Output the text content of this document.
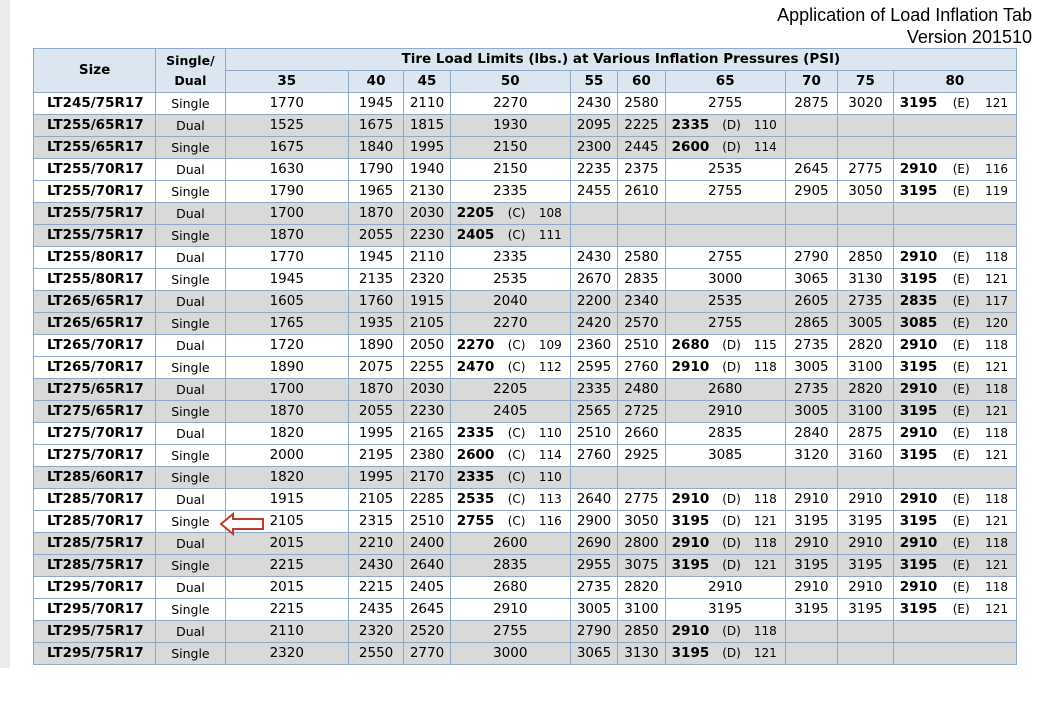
Application of Load Inflation Tab
Version 201510
Size	Single/
Dual	Tire Load Limits (lbs.) at Various Inflation Pressures (PSI)									
		35	40	45	50	55	60	65	70	75	80
LT245/75R17	Single	1770	1945	2110	2270	2430	2580	2755	2875	3020	3195 (E) 121

LT255/65R17	Dual	1525	1675	1815	1930	2095	2225	2335 (D) 110			

LT255/65R17	Single	1675	1840	1995	2150	2300	2445	2600 (D) 114			

LT255/70R17	Dual	1630	1790	1940	2150	2235	2375	2535	2645	2775	2910 (E) 116

LT255/70R17	Single	1790	1965	2130	2335	2455	2610	2755	2905	3050	3195 (E) 119

LT255/75R17	Dual	1700	1870	2030	2205 (C) 108						

LT255/75R17	Single	1870	2055	2230	2405 (C) 111						

LT255/80R17	Dual	1770	1945	2110	2335	2430	2580	2755	2790	2850	2910 (E) 118

LT255/80R17	Single	1945	2135	2320	2535	2670	2835	3000	3065	3130	3195 (E) 121

LT265/65R17	Dual	1605	1760	1915	2040	2200	2340	2535	2605	2735	2835 (E) 117

LT265/65R17	Single	1765	1935	2105	2270	2420	2570	2755	2865	3005	3085 (E) 120

LT265/70R17	Dual	1720	1890	2050	2270 (C) 109	2360	2510	2680 (D) 115	2735	2820	2910 (E) 118

LT265/70R17	Single	1890	2075	2255	2470 (C) 112	2595	2760	2910 (D) 118	3005	3100	3195 (E) 121

LT275/65R17	Dual	1700	1870	2030	2205	2335	2480	2680	2735	2820	2910 (E) 118

LT275/65R17	Single	1870	2055	2230	2405	2565	2725	2910	3005	3100	3195 (E) 121

LT275/70R17	Dual	1820	1995	2165	2335 (C) 110	2510	2660	2835	2840	2875	2910 (E) 118

LT275/70R17	Single	2000	2195	2380	2600 (C) 114	2760	2925	3085	3120	3160	3195 (E) 121

LT285/60R17	Single	1820	1995	2170	2335 (C) 110						

LT285/70R17	Dual	1915	2105	2285	2535 (C) 113	2640	2775	2910 (D) 118	2910	2910	2910 (E) 118

LT285/70R17	Single	2105	2315	2510	2755 (C) 116	2900	3050	3195 (D) 121	3195	3195	3195 (E) 121

LT285/75R17	Dual	2015	2210	2400	2600	2690	2800	2910 (D) 118	2910	2910	2910 (E) 118

LT285/75R17	Single	2215	2430	2640	2835	2955	3075	3195 (D) 121	3195	3195	3195 (E) 121

LT295/70R17	Dual	2015	2215	2405	2680	2735	2820	2910	2910	2910	2910 (E) 118

LT295/70R17	Single	2215	2435	2645	2910	3005	3100	3195	3195	3195	3195 (E) 121

LT295/75R17	Dual	2110	2320	2520	2755	2790	2850	2910 (D) 118			

LT295/75R17	Single	2320	2550	2770	3000	3065	3130	3195 (D) 121			
